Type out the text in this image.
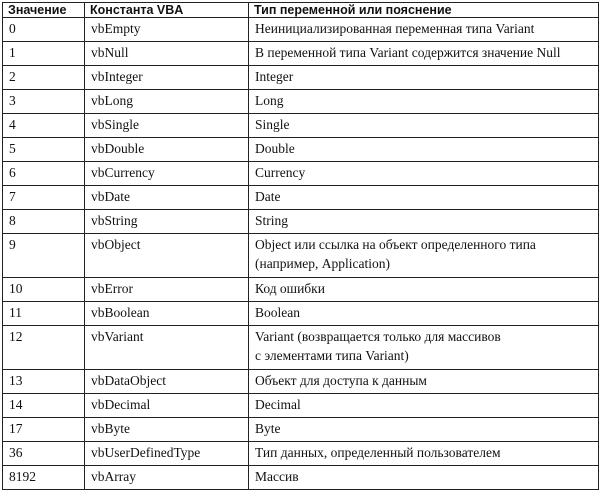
Значение	Константа VBA	Тип переменной или пояснение
0	vbEmpty	Неинициализированная переменная типа Variant

1	vbNull	В переменной типа Variant содержится значение Null

2	vbInteger	Integer

3	vbLong	Long

4	vbSingle	Single

5	vbDouble	Double

6	vbCurrency	Currency

7	vbDate	Date

8	vbString	String

9	vbObject	Object или ссылка на объект определенного типа
(например, Application)

10	vbError	Код ошибки

11	vbBoolean	Boolean

12	vbVariant	Variant (возвращается только для массивов
с элементами типа Variant)

13	vbDataObject	Объект для доступа к данным

14	vbDecimal	Decimal

17	vbByte	Byte

36	vbUserDefinedType	Тип данных, определенный пользователем

8192	vbArray	Массив
